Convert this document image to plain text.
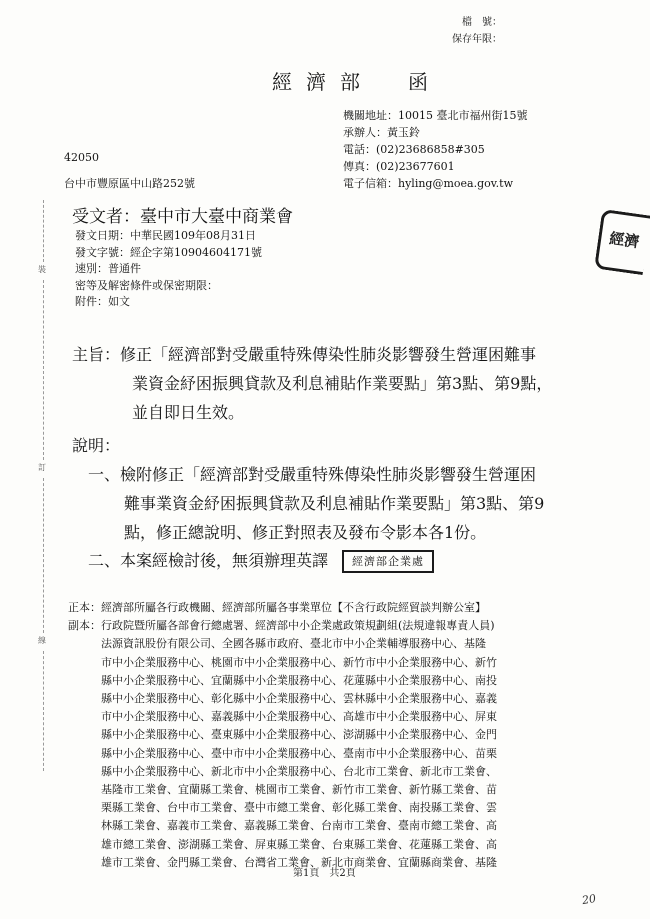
檔　號：
保存年限：
經濟部　函
機關地址：10015 臺北市福州街15號
承辦人：黃玉鈴
電話：(02)23686858#305
傳真：(02)23677601
電子信箱：hyling@moea.gov.tw
42050
台中市豐原區中山路252號
經濟
受文者：臺中市大臺中商業會
發文日期：中華民國109年08月31日
發文字號：經企字第10904604171號
速別：普通件
密等及解密條件或保密期限：
附件：如文
裝
訂
線
主旨：修正「經濟部對受嚴重特殊傳染性肺炎影響發生營運困難事
業資金紓困振興貸款及利息補貼作業要點」第3點、第9點，
並自即日生效。
說明：
一、檢附修正「經濟部對受嚴重特殊傳染性肺炎影響發生營運困
難事業資金紓困振興貸款及利息補貼作業要點」第3點、第9
點，修正總說明、修正對照表及發布令影本各1份。
二、本案經檢討後，無須辦理英譯	經濟部企業處
正本：經濟部所屬各行政機關、經濟部所屬各事業單位【不含行政院經貿談判辦公室】
副本：行政院暨所屬各部會行總處署、經濟部中小企業處政策規劃組(法規違報專責人員)
　　　法源資訊股份有限公司、全國各縣市政府、臺北市中小企業輔導服務中心、基隆
　　　市中小企業服務中心、桃園市中小企業服務中心、新竹市中小企業服務中心、新竹
　　　縣中小企業服務中心、宜蘭縣中小企業服務中心、花蓮縣中小企業服務中心、南投
　　　縣中小企業服務中心、彰化縣中小企業服務中心、雲林縣中小企業服務中心、嘉義
　　　市中小企業服務中心、嘉義縣中小企業服務中心、高雄市中小企業服務中心、屏東
　　　縣中小企業服務中心、臺東縣中小企業服務中心、澎湖縣中小企業服務中心、金門
　　　縣中小企業服務中心、臺中市中小企業服務中心、臺南市中小企業服務中心、苗栗
　　　縣中小企業服務中心、新北市中小企業服務中心、台北市工業會、新北市工業會、
　　　基隆市工業會、宜蘭縣工業會、桃園市工業會、新竹市工業會、新竹縣工業會、苗
　　　栗縣工業會、台中市工業會、臺中市總工業會、彰化縣工業會、南投縣工業會、雲
　　　林縣工業會、嘉義市工業會、嘉義縣工業會、台南市工業會、臺南市總工業會、高
　　　雄市總工業會、澎湖縣工業會、屏東縣工業會、台東縣工業會、花蓮縣工業會、高
　　　雄市工業會、金門縣工業會、台灣省工業會、新北市商業會、宜蘭縣商業會、基隆
第1頁　共2頁
20
